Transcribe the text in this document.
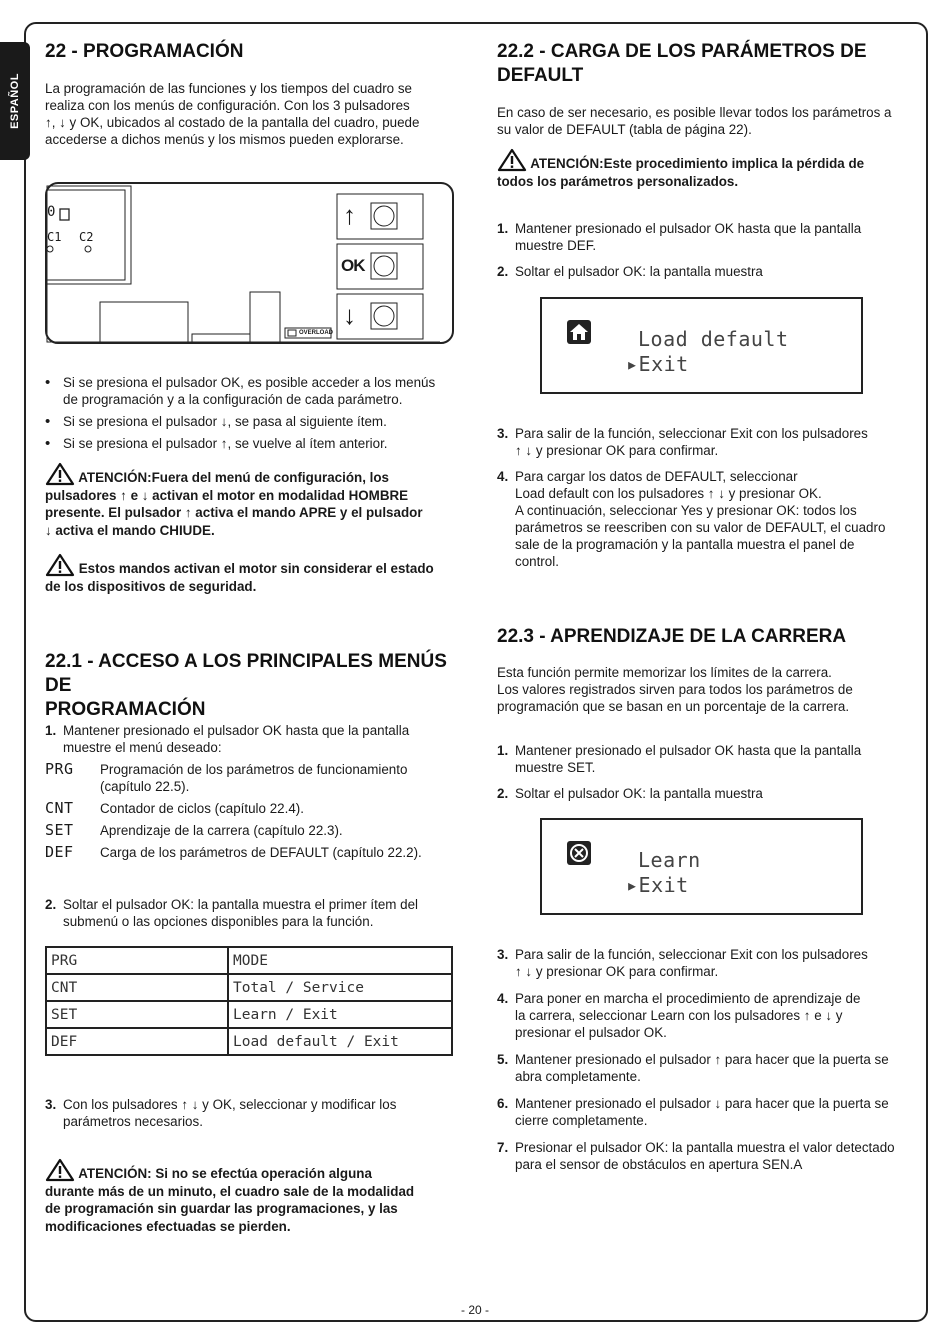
ESPAÑOL
22 - PROGRAMACIÓN

La programación de las funciones y los tiempos del cuadro se

realiza con los menús de configuración. Con los 3 pulsadores

↑, ↓ y OK, ubicados al costado de la pantalla del cuadro, puede

accederse a dichos menús y los mismos pueden explorarse.

0
C1 C2
↑
OK
↓
OVERLOAD
• Si se presiona el pulsador OK, es posible acceder a los menús
de programación y a la configuración de cada parámetro.
• Si se presiona el pulsador ↓, se pasa al siguiente ítem.
• Si se presiona el pulsador ↑, se vuelve al ítem anterior.
ATENCIÓN:Fuera del menú de configuración, los
pulsadores ↑ e ↓ activan el motor en modalidad HOMBRE
presente. El pulsador ↑ activa el mando APRE y el pulsador
↓ activa el mando CHIUDE.
Estos mandos activan el motor sin considerar el estado
de los dispositivos de seguridad.
22.1 - ACCESO A LOS PRINCIPALES MENÚS DE
PROGRAMACIÓN
1. Mantener presionado el pulsador OK hasta que la pantalla
muestre el menú deseado:
PRG	Programación de los parámetros de funcionamiento
(capítulo 22.5).
CNT	Contador de ciclos (capítulo 22.4).
SET	Aprendizaje de la carrera (capítulo 22.3).
DEF	Carga de los parámetros de DEFAULT (capítulo 22.2).
2. Soltar el pulsador OK: la pantalla muestra el primer ítem del
submenú o las opciones disponibles para la función.
PRG	MODE
CNT	Total / Service
SET	Learn / Exit
DEF	Load default / Exit
3. Con los pulsadores ↑ ↓ y OK, seleccionar y modificar los
parámetros necesarios.
ATENCIÓN: Si no se efectúa operación alguna
durante más de un minuto, el cuadro sale de la modalidad
de programación sin guardar las programaciones, y las
modificaciones efectuadas se pierden.
22.2 - CARGA DE LOS PARÁMETROS DE
DEFAULT

En caso de ser necesario, es posible llevar todos los parámetros a

su valor de DEFAULT (tabla de página 22).

ATENCIÓN:Este procedimiento implica la pérdida de
todos los parámetros personalizados.
1. Mantener presionado el pulsador OK hasta que la pantalla
muestre DEF.
2. Soltar el pulsador OK: la pantalla muestra
Load default
▸Exit
3. Para salir de la función, seleccionar Exit con los pulsadores
↑ ↓ y presionar OK para confirmar.
4. Para cargar los datos de DEFAULT, seleccionar
Load default con los pulsadores ↑ ↓ y presionar OK.
A continuación, seleccionar Yes y presionar OK: todos los
parámetros se reescriben con su valor de DEFAULT, el cuadro
sale de la programación y la pantalla muestra el panel de
control.
22.3 - APRENDIZAJE DE LA CARRERA

Esta función permite memorizar los límites de la carrera.

Los valores registrados sirven para todos los parámetros de

programación que se basan en un porcentaje de la carrera.

1. Mantener presionado el pulsador OK hasta que la pantalla
muestre SET.
2. Soltar el pulsador OK: la pantalla muestra
Learn
▸Exit
3. Para salir de la función, seleccionar Exit con los pulsadores
↑ ↓ y presionar OK para confirmar.
4. Para poner en marcha el procedimiento de aprendizaje de
la carrera, seleccionar Learn con los pulsadores ↑ e ↓ y
presionar el pulsador OK.
5. Mantener presionado el pulsador ↑ para hacer que la puerta se
abra completamente.
6. Mantener presionado el pulsador ↓ para hacer que la puerta se
cierre completamente.
7. Presionar el pulsador OK: la pantalla muestra el valor detectado
para el sensor de obstáculos en apertura SEN.A
- 20 -
